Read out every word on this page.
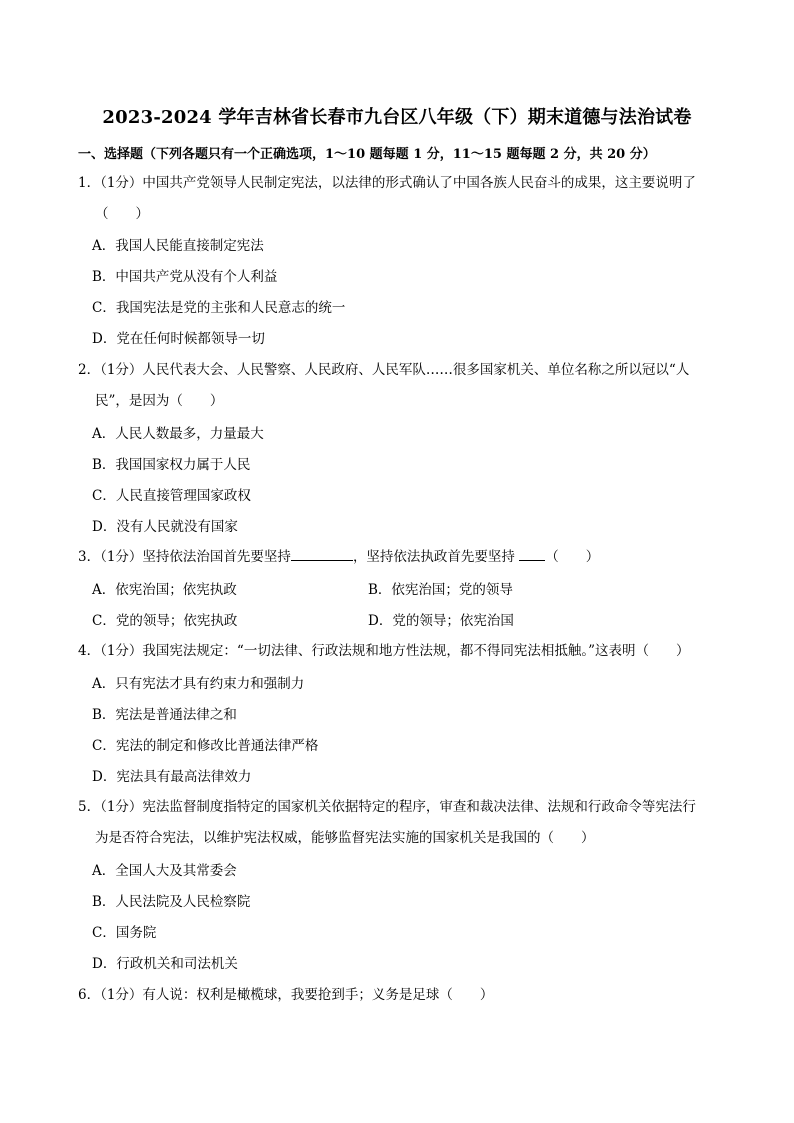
2023-2024 学年吉林省长春市九台区八年级（下）期末道德与法治试卷
一、选择题（下列各题只有一个正确选项，1～10 题每题 1 分，11～15 题每题 2 分，共 20 分）
1．（1分）中国共产党领导人民制定宪法，以法律的形式确认了中国各族人民奋斗的成果，这主要说明了
（　　）
A．我国人民能直接制定宪法
B．中国共产党从没有个人利益
C．我国宪法是党的主张和人民意志的统一
D．党在任何时候都领导一切
2．（1分）人民代表大会、人民警察、人民政府、人民军队……很多国家机关、单位名称之所以冠以“人
民”，是因为（　　）
A．人民人数最多，力量最大
B．我国国家权力属于人民
C．人民直接管理国家政权
D．没有人民就没有国家
3．（1分）坚持依法治国首先要坚持	，坚持依法执政首先要坚持 （　　）
A．依宪治国；依宪执政	B．依宪治国；党的领导
C．党的领导；依宪执政	D．党的领导；依宪治国
4．（1分）我国宪法规定：“一切法律、行政法规和地方性法规，都不得同宪法相抵触。”这表明（　　）
A．只有宪法才具有约束力和强制力
B．宪法是普通法律之和
C．宪法的制定和修改比普通法律严格
D．宪法具有最高法律效力
5．（1分）宪法监督制度指特定的国家机关依据特定的程序，审查和裁决法律、法规和行政命令等宪法行
为是否符合宪法，以维护宪法权威，能够监督宪法实施的国家机关是我国的（　　）
A．全国人大及其常委会
B．人民法院及人民检察院
C．国务院
D．行政机关和司法机关
6．（1分）有人说：权利是橄榄球，我要抢到手；义务是足球（　　）
